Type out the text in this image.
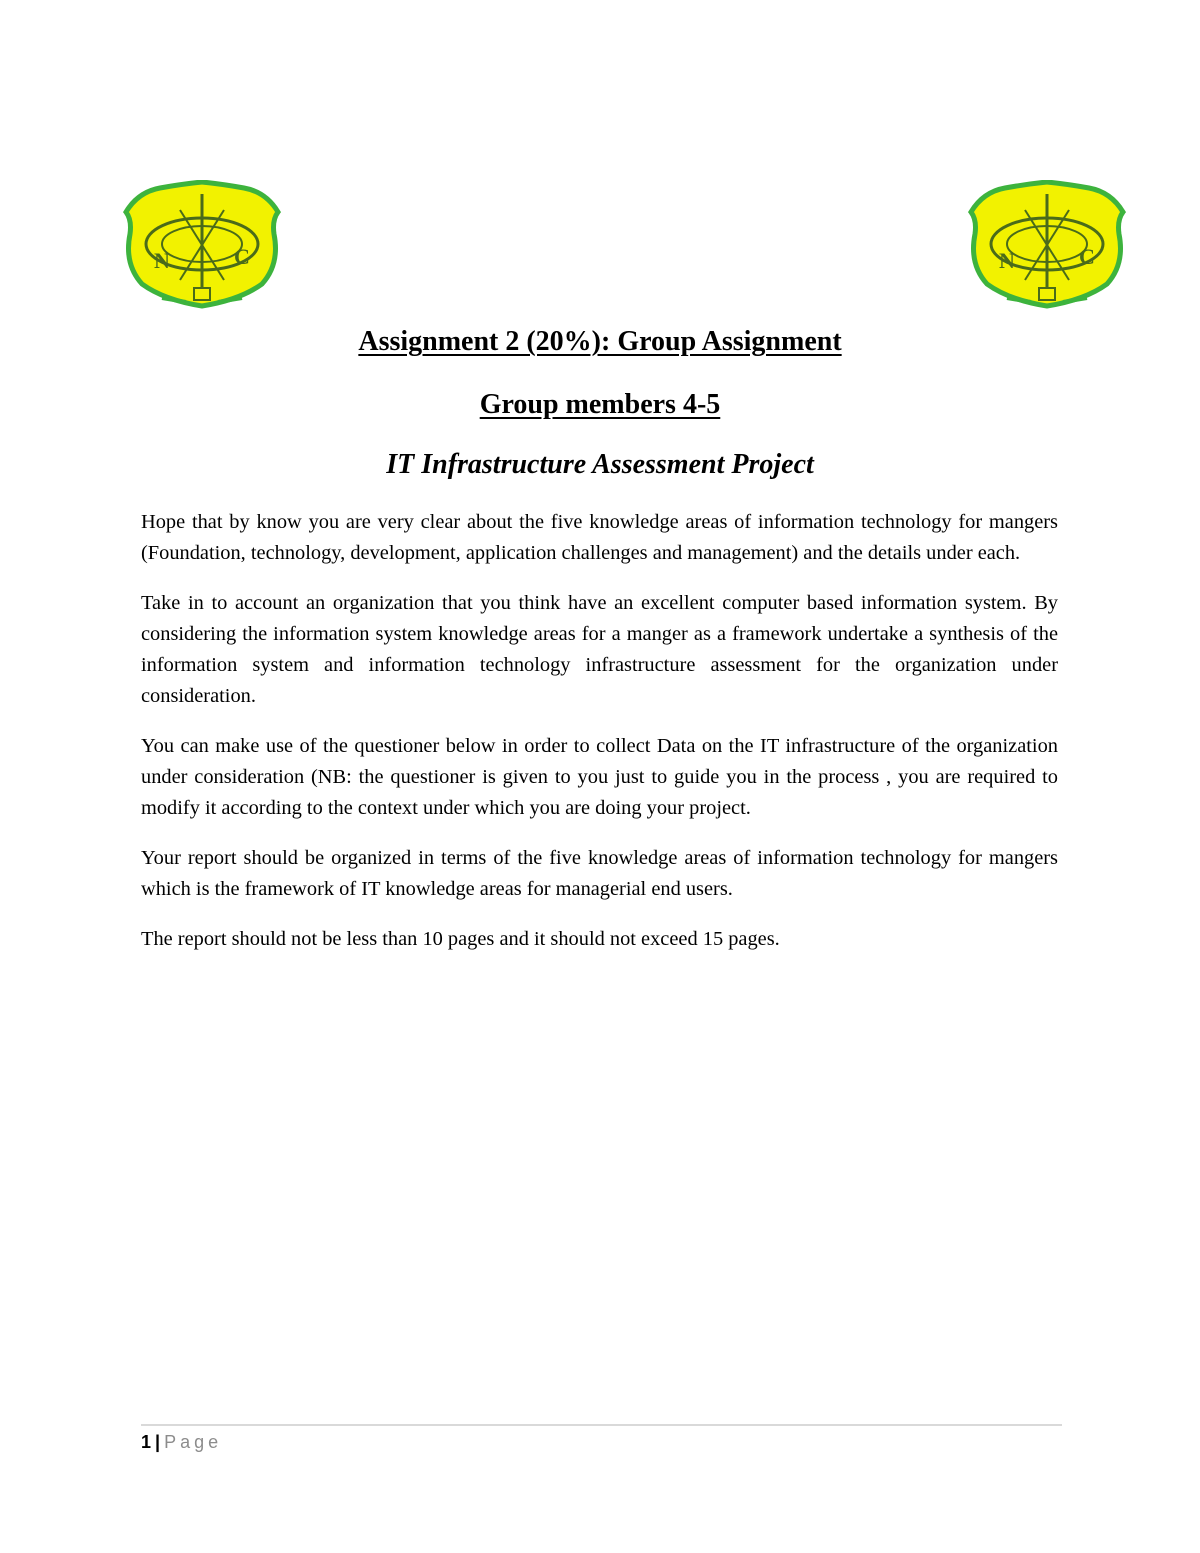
N	C	N	C
Assignment 2 (20%): Group Assignment
Group members 4-5
IT Infrastructure Assessment Project

Hope that by know you are very clear about the five knowledge areas of information technology for mangers (Foundation, technology, development, application challenges and management) and the details under each.

Take in to account an organization that you think have an excellent computer based information system. By considering the information system knowledge areas for a manger as a framework undertake a synthesis of the information system and information technology infrastructure assessment for the organization under consideration.

You can make use of the questioner below in order to collect Data on the IT infrastructure of the organization under consideration (NB: the questioner is given to you just to guide you in the process , you are required to modify it according to the context under which you are doing your project.

Your report should be organized in terms of the five knowledge areas of information technology for mangers which is the framework of IT knowledge areas for managerial end users.

The report should not be less than 10 pages and it should not exceed 15 pages.

1 | Page
